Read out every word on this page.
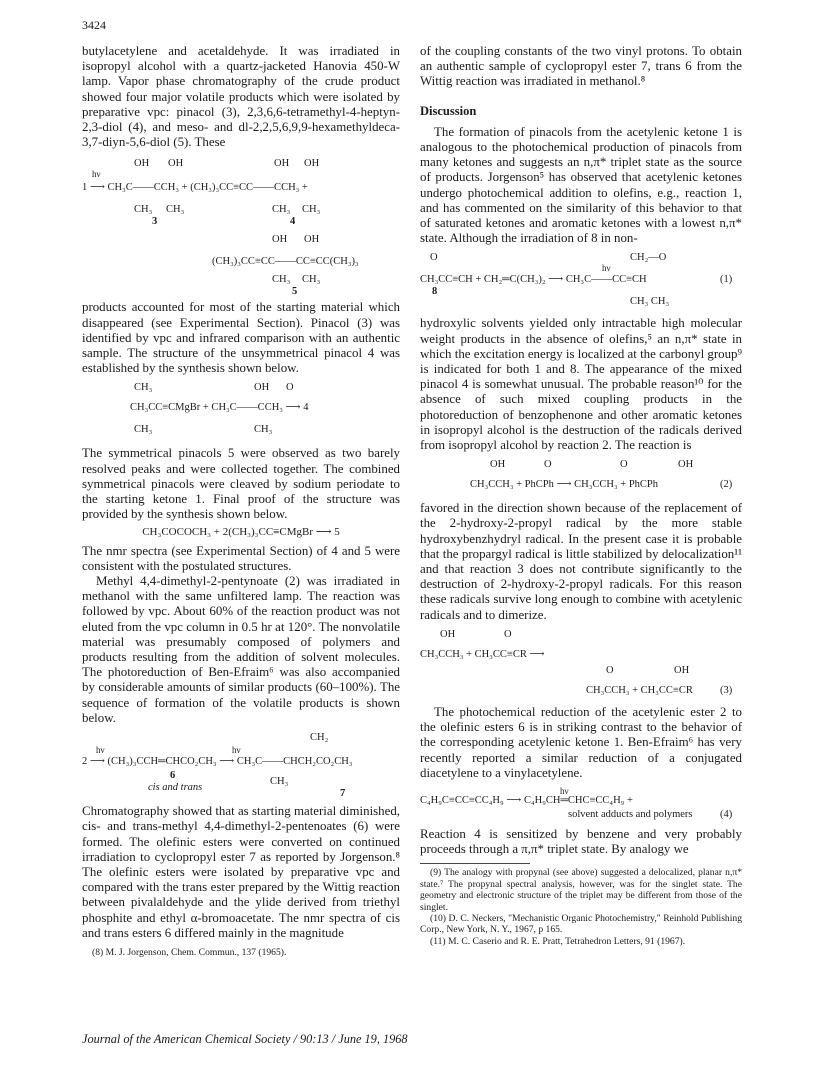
3424

butylacetylene and acetaldehyde. It was irradiated in isopropyl alcohol with a quartz-jacketed Hanovia 450-W lamp. Vapor phase chromatography of the crude product showed four major volatile products which were isolated by preparative vpc: pinacol (3), 2,3,6,6-tetramethyl-4-heptyn-2,3-diol (4), and meso- and dl-2,2,5,6,9,9-hexamethyldeca-3,7-diyn-5,6-diol (5). These

OH OH	OH OH
hν
1 ⟶ CH₃C——CCH₃ + (CH₃)₃CC≡CC——CCH₃ +
CH₃ CH₃	CH₃ CH₃
3	4
OH OH
(CH₃)₃CC≡CC——CC≡CC(CH₃)₃
CH₃ CH₃
5

products accounted for most of the starting material which disappeared (see Experimental Section). Pinacol (3) was identified by vpc and infrared comparison with an authentic sample. The structure of the unsymmetrical pinacol 4 was established by the synthesis shown below.

CH₃	OH O
CH₃CC≡CMgBr + CH₃C——CCH₃ ⟶ 4
CH₃	CH₃

The symmetrical pinacols 5 were observed as two barely resolved peaks and were collected together. The combined symmetrical pinacols were cleaved by sodium periodate to the starting ketone 1. Final proof of the structure was provided by the synthesis shown below.

CH₃COCOCH₃ + 2(CH₃)₃CC≡CMgBr ⟶ 5

The nmr spectra (see Experimental Section) of 4 and 5 were consistent with the postulated structures.

Methyl 4,4-dimethyl-2-pentynoate (2) was irradiated in methanol with the same unfiltered lamp. The reaction was followed by vpc. About 60% of the reaction product was not eluted from the vpc column in 0.5 hr at 120°. The nonvolatile material was presumably composed of polymers and products resulting from the addition of solvent molecules. The photoreduction of Ben-Efraim⁶ was also accompanied by considerable amounts of similar products (60–100%). The sequence of formation of the volatile products is shown below.

CH₂
hν	hν
2 ⟶ (CH₃)₃CCH═CHCO₂CH₃ ⟶ CH₃C——CHCH₂CO₂CH₃
6
cis and trans
CH₃
7

Chromatography showed that as starting material diminished, cis- and trans-methyl 4,4-dimethyl-2-pentenoates (6) were formed. The olefinic esters were converted on continued irradiation to cyclopropyl ester 7 as reported by Jorgenson.⁸ The olefinic esters were isolated by preparative vpc and compared with the trans ester prepared by the Wittig reaction between pivalaldehyde and the ylide derived from triethyl phosphite and ethyl α-bromoacetate. The nmr spectra of cis and trans esters 6 differed mainly in the magnitude

(8) M. J. Jorgenson, Chem. Commun., 137 (1965).

of the coupling constants of the two vinyl protons. To obtain an authentic sample of cyclopropyl ester 7, trans 6 from the Wittig reaction was irradiated in methanol.⁸

Discussion

The formation of pinacols from the acetylenic ketone 1 is analogous to the photochemical production of pinacols from many ketones and suggests an n,π* triplet state as the source of products. Jorgenson⁵ has observed that acetylenic ketones undergo photochemical addition to olefins, e.g., reaction 1, and has commented on the similarity of this behavior to that of saturated ketones and aromatic ketones with a lowest n,π* state. Although the irradiation of 8 in non-

O	CH₂—O
hν
CH₃CC≡CH + CH₂═C(CH₃)₂ ⟶ CH₃C——CC≡CH	(1)
8
CH₃ CH₃

hydroxylic solvents yielded only intractable high molecular weight products in the absence of olefins,⁵ an n,π* state in which the excitation energy is localized at the carbonyl group⁹ is indicated for both 1 and 8. The appearance of the mixed pinacol 4 is somewhat unusual. The probable reason¹⁰ for the absence of such mixed coupling products in the photoreduction of benzophenone and other aromatic ketones in isopropyl alcohol is the destruction of the radicals derived from isopropyl alcohol by reaction 2. The reaction is

OH	O	O	OH
CH₃CCH₃ + PhCPh ⟶ CH₃CCH₃ + PhCPh	(2)

favored in the direction shown because of the replacement of the 2-hydroxy-2-propyl radical by the more stable hydroxybenzhydryl radical. In the present case it is probable that the propargyl radical is little stabilized by delocalization¹¹ and that reaction 3 does not contribute significantly to the destruction of 2-hydroxy-2-propyl radicals. For this reason these radicals survive long enough to combine with acetylenic radicals and to dimerize.

OH	O
CH₃CCH₃ + CH₃CC≡CR ⟶
O	OH
CH₃CCH₃ + CH₃CC≡CR	(3)

The photochemical reduction of the acetylenic ester 2 to the olefinic esters 6 is in striking contrast to the behavior of the corresponding acetylenic ketone 1. Ben-Efraim⁶ has very recently reported a similar reduction of a conjugated diacetylene to a vinylacetylene.

hν
C₄H₉C≡CC≡CC₄H₉ ⟶ C₄H₉CH═CHC≡CC₄H₉ +
solvent adducts and polymers	(4)

Reaction 4 is sensitized by benzene and very probably proceeds through a π,π* triplet state. By analogy we

(9) The analogy with propynal (see above) suggested a delocalized, planar n,π* state.⁷ The propynal spectral analysis, however, was for the singlet state. The geometry and electronic structure of the triplet may be different from those of the singlet.

(10) D. C. Neckers, "Mechanistic Organic Photochemistry," Reinhold Publishing Corp., New York, N. Y., 1967, p 165.

(11) M. C. Caserio and R. E. Pratt, Tetrahedron Letters, 91 (1967).

Journal of the American Chemical Society / 90:13 / June 19, 1968
